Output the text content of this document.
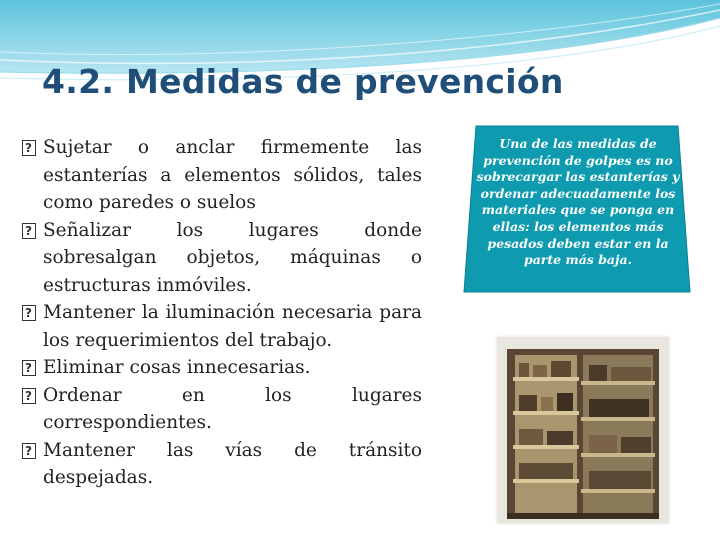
4.2. Medidas de prevención
?
Sujetar o anclar firmemente las estanterías a elementos sólidos, tales como paredes o suelos
?
Señalizar los lugares donde sobresalgan objetos, máquinas o estructuras inmóviles.
?
Mantener la iluminación necesaria para los requerimientos del trabajo.
?
Eliminar cosas innecesarias.
?
Ordenar en los lugares correspondientes.
?
Mantener las vías de tránsito despejadas.

Una de las medidas de prevención de golpes es no sobrecargar las estanterías y ordenar adecuadamente los materiales que se ponga en ellas: los elementos más pesados deben estar en la parte más baja.
